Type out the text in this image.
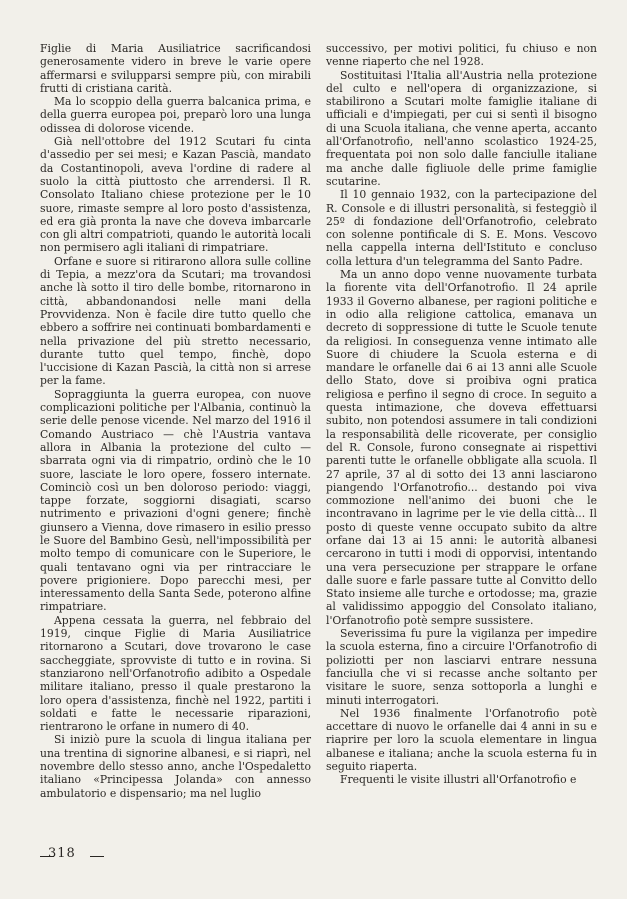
Figlie di Maria Ausiliatrice sacrificandosi generosamente videro in breve le varie opere affermarsi e svilupparsi sempre più, con mirabili frutti di cristiana carità.

Ma lo scoppio della guerra balcanica prima, e della guerra europea poi, preparò loro una lunga odissea di dolorose vicende.

Già nell'ottobre del 1912 Scutari fu cinta d'assedio per sei mesi; e Kazan Pascià, mandato da Costantinopoli, aveva l'ordine di radere al suolo la città piuttosto che arrendersi. Il R. Consolato Italiano chiese protezione per le 10 suore, rimaste sempre al loro posto d'assistenza, ed era già pronta la nave che doveva imbarcarle con gli altri compatrioti, quando le autorità locali non permisero agli italiani di rimpatriare.

Orfane e suore si ritirarono allora sulle colline di Tepia, a mezz'ora da Scutari; ma trovandosi anche là sotto il tiro delle bombe, ritornarono in città, abbandonandosi nelle mani della Provvidenza. Non è facile dire tutto quello che ebbero a soffrire nei continuati bombardamenti e nella privazione del più stretto necessario, durante tutto quel tempo, finchè, dopo l'uccisione di Kazan Pascià, la città non si arrese per la fame.

Sopraggiunta la guerra europea, con nuove complicazioni politiche per l'Albania, continuò la serie delle penose vicende. Nel marzo del 1916 il Comando Austriaco — chè l'Austria vantava allora in Albania la protezione del culto — sbarrata ogni via di rimpatrio, ordinò che le 10 suore, lasciate le loro opere, fossero internate. Cominciò così un ben doloroso periodo: viaggi, tappe forzate, soggiorni disagiati, scarso nutrimento e privazioni d'ogni genere; finchè giunsero a Vienna, dove rimasero in esilio presso le Suore del Bambino Gesù, nell'impossibilità per molto tempo di comunicare con le Superiore, le quali tentavano ogni via per rintracciare le povere prigioniere. Dopo parecchi mesi, per interessamento della Santa Sede, poterono alfine rimpatriare.

Appena cessata la guerra, nel febbraio del 1919, cinque Figlie di Maria Ausiliatrice ritornarono a Scutari, dove trovarono le case saccheggiate, sprovviste di tutto e in rovina. Si stanziarono nell'Orfanotrofio adibito a Ospedale militare italiano, presso il quale prestarono la loro opera d'assistenza, finchè nel 1922, partiti i soldati e fatte le necessarie riparazioni, rientrarono le orfane in numero di 40.

Si iniziò pure la scuola di lingua italiana per una trentina di signorine albanesi, e si riaprì, nel novembre dello stesso anno, anche l'Ospedaletto italiano «Principessa Jolanda» con annesso ambulatorio e dispensario; ma nel luglio

successivo, per motivi politici, fu chiuso e non venne riaperto che nel 1928.

Sostituitasi l'Italia all'Austria nella protezione del culto e nell'opera di organizzazione, si stabilirono a Scutari molte famiglie italiane di ufficiali e d'impiegati, per cui si sentì il bisogno di una Scuola italiana, che venne aperta, accanto all'Orfanotrofio, nell'anno scolastico 1924-25, frequentata poi non solo dalle fanciulle italiane ma anche dalle figliuole delle prime famiglie scutarine.

Il 10 gennaio 1932, con la partecipazione del R. Console e di illustri personalità, si festeggiò il 25º di fondazione dell'Orfanotrofio, celebrato con solenne pontificale di S. E. Mons. Vescovo nella cappella interna dell'Istituto e concluso colla lettura d'un telegramma del Santo Padre.

Ma un anno dopo venne nuovamente turbata la fiorente vita dell'Orfanotrofio. Il 24 aprile 1933 il Governo albanese, per ragioni politiche e in odio alla religione cattolica, emanava un decreto di soppressione di tutte le Scuole tenute da religiosi. In conseguenza venne intimato alle Suore di chiudere la Scuola esterna e di mandare le orfanelle dai 6 ai 13 anni alle Scuole dello Stato, dove si proibiva ogni pratica religiosa e perfino il segno di croce. In seguito a questa intimazione, che doveva effettuarsi subito, non potendosi assumere in tali condizioni la responsabilità delle ricoverate, per consiglio del R. Console, furono consegnate ai rispettivi parenti tutte le orfanelle obbligate alla scuola. Il 27 aprile, 37 al di sotto dei 13 anni lasciarono piangendo l'Orfanotrofio... destando poi viva commozione nell'animo dei buoni che le incontravano in lagrime per le vie della città... Il posto di queste venne occupato subito da altre orfane dai 13 ai 15 anni: le autorità albanesi cercarono in tutti i modi di opporvisi, intentando una vera persecuzione per strappare le orfane dalle suore e farle passare tutte al Convitto dello Stato insieme alle turche e ortodosse; ma, grazie al validissimo appoggio del Consolato italiano, l'Orfanotrofio potè sempre sussistere.

Severissima fu pure la vigilanza per impedire la scuola esterna, fino a circuire l'Orfanotrofio di poliziotti per non lasciarvi entrare nessuna fanciulla che vi si recasse anche soltanto per visitare le suore, senza sottoporla a lunghi e minuti interrogatori.

Nel 1936 finalmente l'Orfanotrofio potè accettare di nuovo le orfanelle dai 4 anni in su e riaprire per loro la scuola elementare in lingua albanese e italiana; anche la scuola esterna fu in seguito riaperta.

Frequenti le visite illustri all'Orfanotrofio e

318
